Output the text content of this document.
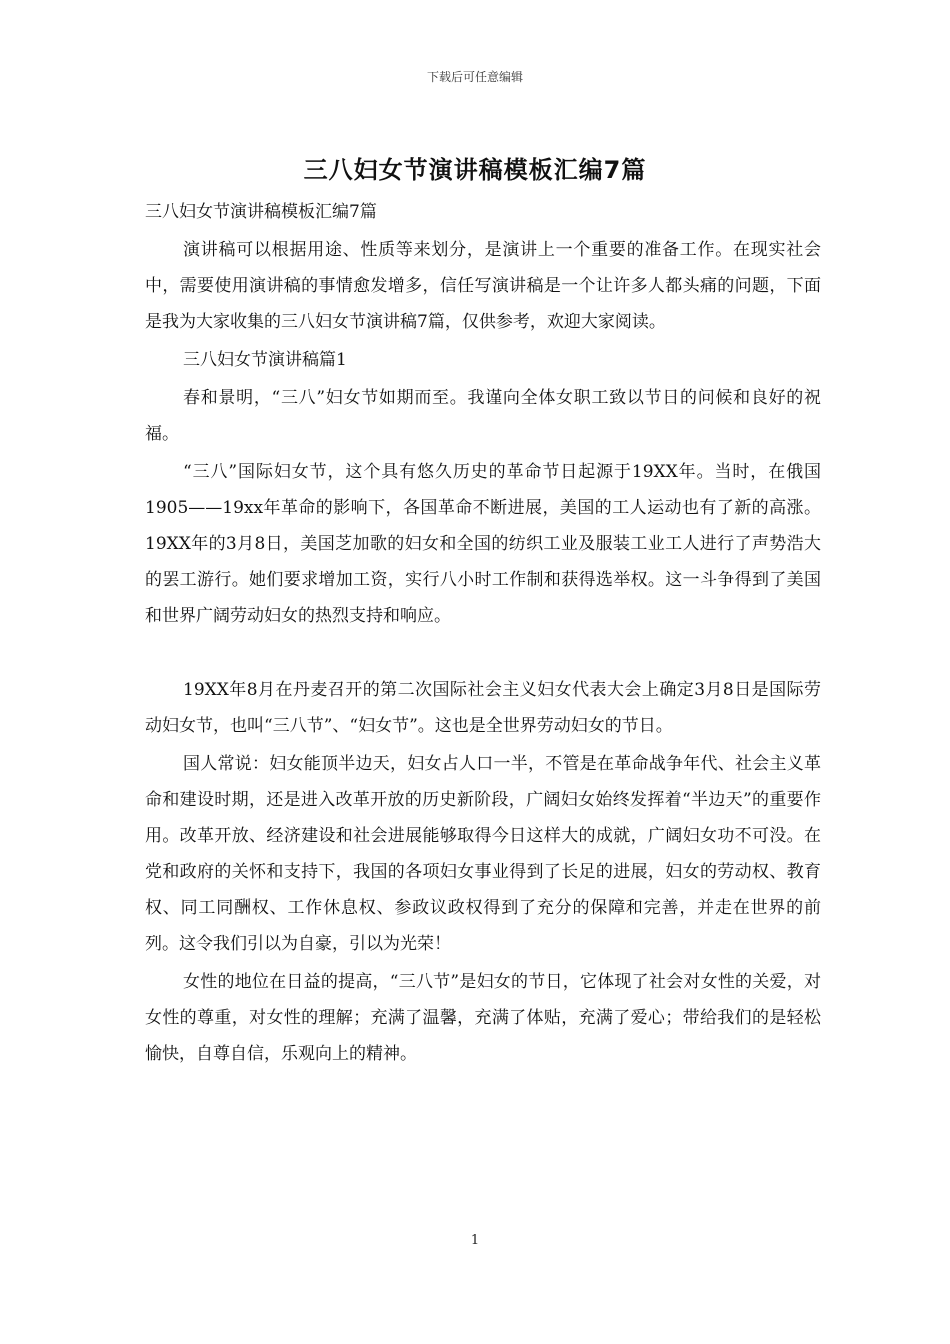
下载后可任意编辑
三八妇女节演讲稿模板汇编7篇

三八妇女节演讲稿模板汇编7篇

演讲稿可以根据用途、性质等来划分，是演讲上一个重要的准备工作。在现实社会中，需要使用演讲稿的事情愈发增多，信任写演讲稿是一个让许多人都头痛的问题，下面是我为大家收集的三八妇女节演讲稿7篇，仅供参考，欢迎大家阅读。

三八妇女节演讲稿篇1

春和景明，“三八”妇女节如期而至。我谨向全体女职工致以节日的问候和良好的祝福。

“三八”国际妇女节，这个具有悠久历史的革命节日起源于19XX年。当时，在俄国1905——19xx年革命的影响下，各国革命不断进展，美国的工人运动也有了新的高涨。19XX年的3月8日，美国芝加歌的妇女和全国的纺织工业及服装工业工人进行了声势浩大的罢工游行。她们要求增加工资，实行八小时工作制和获得选举权。这一斗争得到了美国和世界广阔劳动妇女的热烈支持和响应。

19XX年8月在丹麦召开的第二次国际社会主义妇女代表大会上确定3月8日是国际劳动妇女节，也叫“三八节”、“妇女节”。这也是全世界劳动妇女的节日。

国人常说：妇女能顶半边天，妇女占人口一半，不管是在革命战争年代、社会主义革命和建设时期，还是进入改革开放的历史新阶段，广阔妇女始终发挥着“半边天”的重要作用。改革开放、经济建设和社会进展能够取得今日这样大的成就，广阔妇女功不可没。在党和政府的关怀和支持下，我国的各项妇女事业得到了长足的进展，妇女的劳动权、教育权、同工同酬权、工作休息权、参政议政权得到了充分的保障和完善，并走在世界的前列。这令我们引以为自豪，引以为光荣！

女性的地位在日益的提高，“三八节”是妇女的节日，它体现了社会对女性的关爱，对女性的尊重，对女性的理解；充满了温馨，充满了体贴，充满了爱心；带给我们的是轻松愉快，自尊自信，乐观向上的精神。

1
